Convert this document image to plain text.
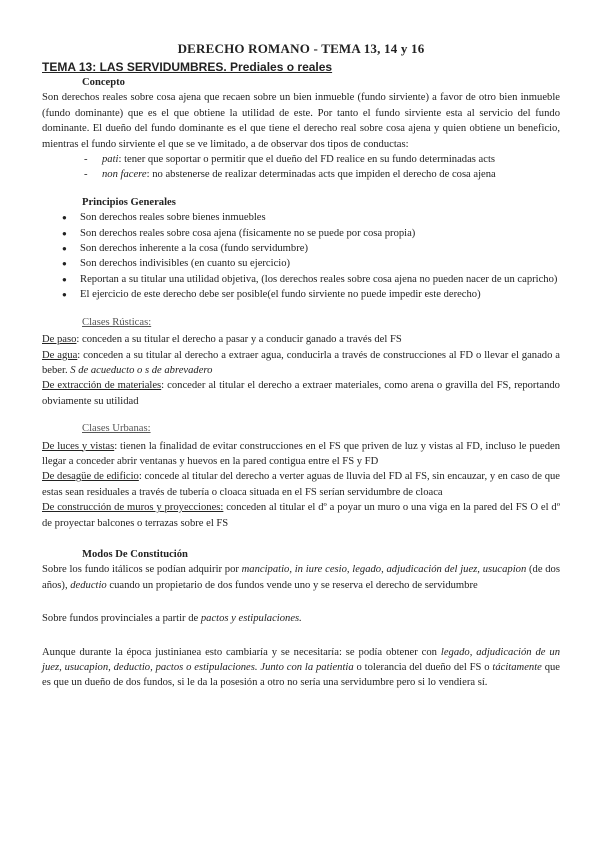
DERECHO ROMANO - TEMA 13, 14 y 16
TEMA 13: LAS SERVIDUMBRES. Prediales o reales
Concepto

Son derechos reales sobre cosa ajena que recaen sobre un bien inmueble (fundo sirviente) a favor de otro bien inmueble (fundo dominante) que es el que obtiene la utilidad de este. Por tanto el fundo sirviente esta al servicio del fundo dominante. El dueño del fundo dominante es el que tiene el derecho real sobre cosa ajena y quien obtiene un beneficio, mientras el fundo sirviente el que se ve limitado, a de observar dos tipos de conductas:

- pati: tener que soportar o permitir que el dueño del FD realice en su fundo determinadas acts
- non facere: no abstenerse de realizar determinadas acts que impiden el derecho de cosa ajena
Principios Generales
● Son derechos reales sobre bienes inmuebles
● Son derechos reales sobre cosa ajena (físicamente no se puede por cosa propia)
● Son derechos inherente a la cosa (fundo servidumbre)
● Son derechos indivisibles (en cuanto su ejercicio)
● Reportan a su titular una utilidad objetiva, (los derechos reales sobre cosa ajena no pueden nacer de un capricho)
● El ejercicio de este derecho debe ser posible(el fundo sirviente no puede impedir este derecho)
Clases Rústicas:

De paso: conceden a su titular el derecho a pasar y a conducir ganado a través del FS

De agua: conceden a su titular al derecho a extraer agua, conducirla a través de construcciones al FD o llevar el ganado a beber. S de acueducto o s de abrevadero

De extracción de materiales: conceder al titular el derecho a extraer materiales, como arena o gravilla del FS, reportando obviamente su utilidad

Clases Urbanas:

De luces y vistas: tienen la finalidad de evitar construcciones en el FS que priven de luz y vistas al FD, incluso le pueden llegar a conceder abrir ventanas y huevos en la pared contigua entre el FS y FD

De desagüe de edificio: concede al titular del derecho a verter aguas de lluvia del FD al FS, sin encauzar, y en caso de que estas sean residuales a través de tubería o cloaca situada en el FS serían servidumbre de cloaca

De construcción de muros y proyecciones: conceden al titular el dº a poyar un muro o una viga en la pared del FS O el dº de proyectar balcones o terrazas sobre el FS

Modos De Constitución

Sobre los fundo itálicos se podían adquirir por mancipatio, in iure cesio, legado, adjudicación del juez, usucapion (de dos años), deductio cuando un propietario de dos fundos vende uno y se reserva el derecho de servidumbre

Sobre fundos provinciales a partir de pactos y estipulaciones.

Aunque durante la época justinianea esto cambiaría y se necesitaría: se podía obtener con legado, adjudicación de un juez, usucapion, deductio, pactos o estipulaciones. Junto con la patientia o tolerancia del dueño del FS o tácitamente que es que un dueño de dos fundos, si le da la posesión a otro no sería una servidumbre pero si lo vendiera sí.
